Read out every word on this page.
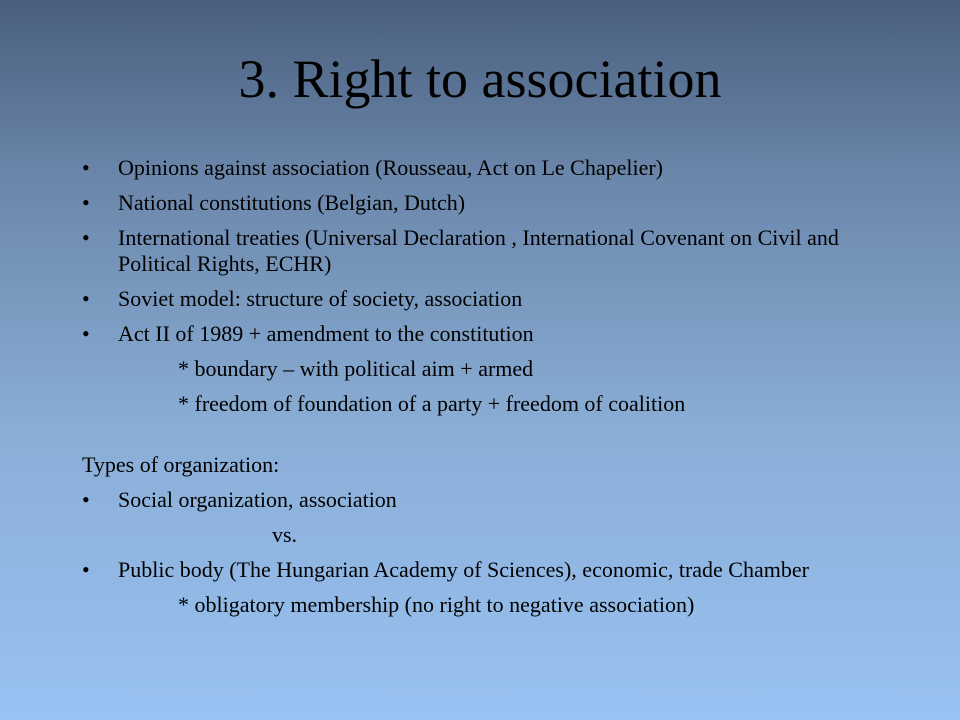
3. Right to association
• Opinions against association (Rousseau, Act on Le Chapelier)
• National constitutions (Belgian, Dutch)
• International treaties (Universal Declaration , International Covenant on Civil and Political Rights, ECHR)
• Soviet model: structure of society, association
• Act II of 1989 + amendment to the constitution
* boundary – with political aim + armed
* freedom of foundation of a party + freedom of coalition
Types of organization:
• Social organization, association
vs.
• Public body (The Hungarian Academy of Sciences), economic, trade Chamber
* obligatory membership (no right to negative association)
